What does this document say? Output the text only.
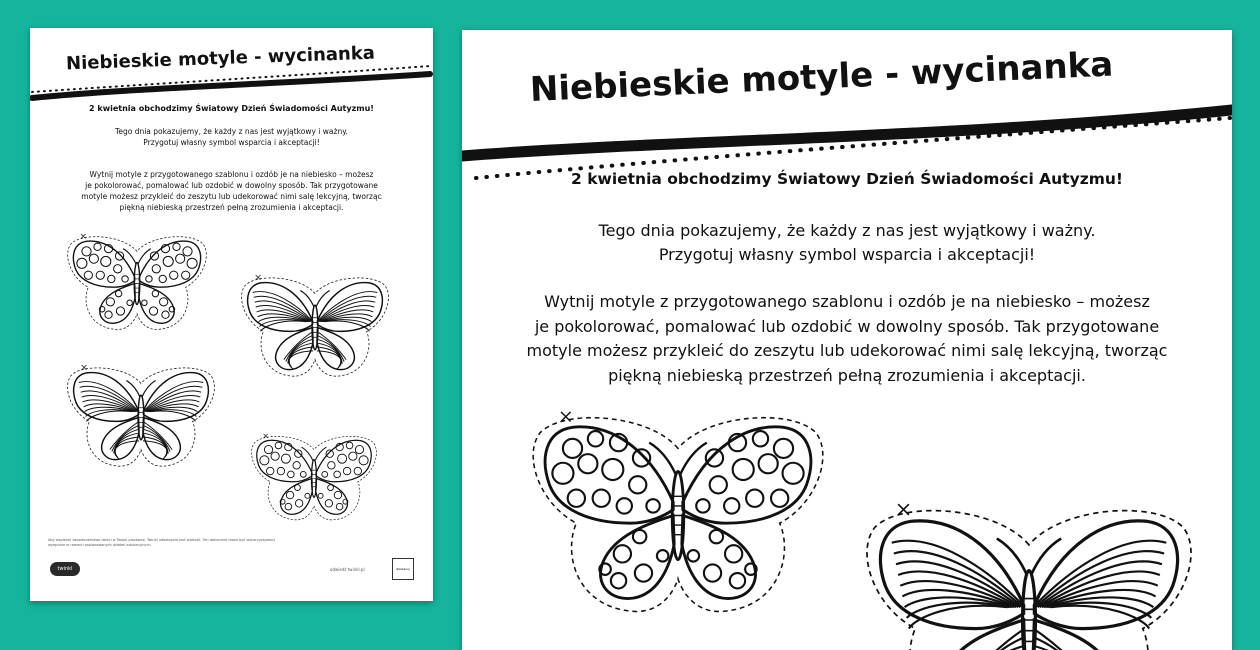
Niebieskie motyle - wycinanka

2 kwietnia obchodzimy Światowy Dzień Świadomości Autyzmu!

Tego dnia pokazujemy, że każdy z nas jest wyjątkowy i ważny.
Przygotuj własny symbol wsparcia i akceptacji!

Wytnij motyle z przygotowanego szablonu i ozdób je na niebiesko – możesz
je pokolorować, pomalować lub ozdobić w dowolny sposób. Tak przygotowane
motyle możesz przykleić do zeszytu lub udekorować nimi salę lekcyjną, tworząc
piękną niebieską przestrzeń pełną zrozumienia i akceptacji.

Aby wspierać bezpieczeństwo dzieci w Twojej placówce, Twinkl udostępnia jest wartość. Ten dokument może być wykorzystywany wyłącznie w ramach zaplanowanych działań edukacyjnych.
twinkl	odwiedź twinkl.pl	Zeskanuj
Niebieskie motyle - wycinanka

2 kwietnia obchodzimy Światowy Dzień Świadomości Autyzmu!

Tego dnia pokazujemy, że każdy z nas jest wyjątkowy i ważny.
Przygotuj własny symbol wsparcia i akceptacji!

Wytnij motyle z przygotowanego szablonu i ozdób je na niebiesko – możesz
je pokolorować, pomalować lub ozdobić w dowolny sposób. Tak przygotowane
motyle możesz przykleić do zeszytu lub udekorować nimi salę lekcyjną, tworząc
piękną niebieską przestrzeń pełną zrozumienia i akceptacji.
